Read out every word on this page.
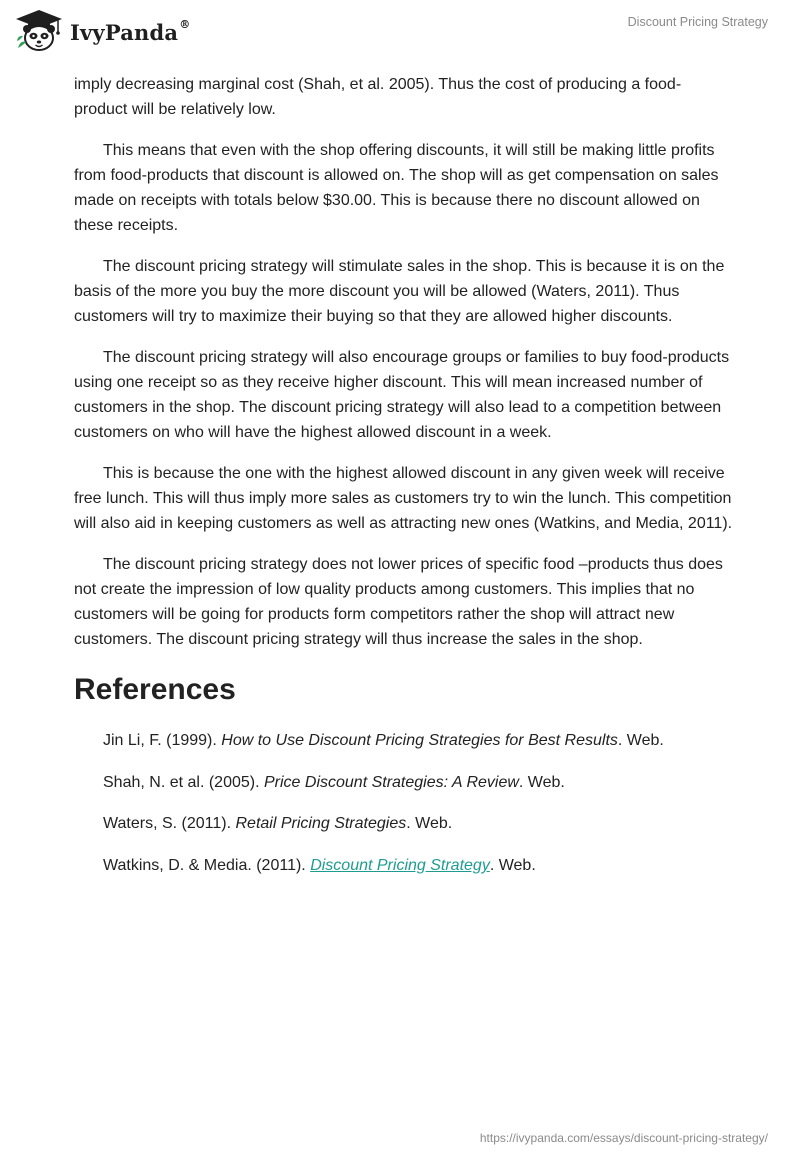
IvyPanda®	Discount Pricing Strategy

imply decreasing marginal cost (Shah, et al. 2005). Thus the cost of producing a food-product will be relatively low.

This means that even with the shop offering discounts, it will still be making little profits from food-products that discount is allowed on. The shop will as get compensation on sales made on receipts with totals below $30.00. This is because there no discount allowed on these receipts.

The discount pricing strategy will stimulate sales in the shop. This is because it is on the basis of the more you buy the more discount you will be allowed (Waters, 2011). Thus customers will try to maximize their buying so that they are allowed higher discounts.

The discount pricing strategy will also encourage groups or families to buy food-products using one receipt so as they receive higher discount. This will mean increased number of customers in the shop. The discount pricing strategy will also lead to a competition between customers on who will have the highest allowed discount in a week.

This is because the one with the highest allowed discount in any given week will receive free lunch. This will thus imply more sales as customers try to win the lunch. This competition will also aid in keeping customers as well as attracting new ones (Watkins, and Media, 2011).

The discount pricing strategy does not lower prices of specific food –products thus does not create the impression of low quality products among customers. This implies that no customers will be going for products form competitors rather the shop will attract new customers. The discount pricing strategy will thus increase the sales in the shop.

References
Jin Li, F. (1999). How to Use Discount Pricing Strategies for Best Results. Web.
Shah, N. et al. (2005). Price Discount Strategies: A Review. Web.
Waters, S. (2011). Retail Pricing Strategies. Web.
Watkins, D. & Media. (2011). Discount Pricing Strategy. Web.
https://ivypanda.com/essays/discount-pricing-strategy/
